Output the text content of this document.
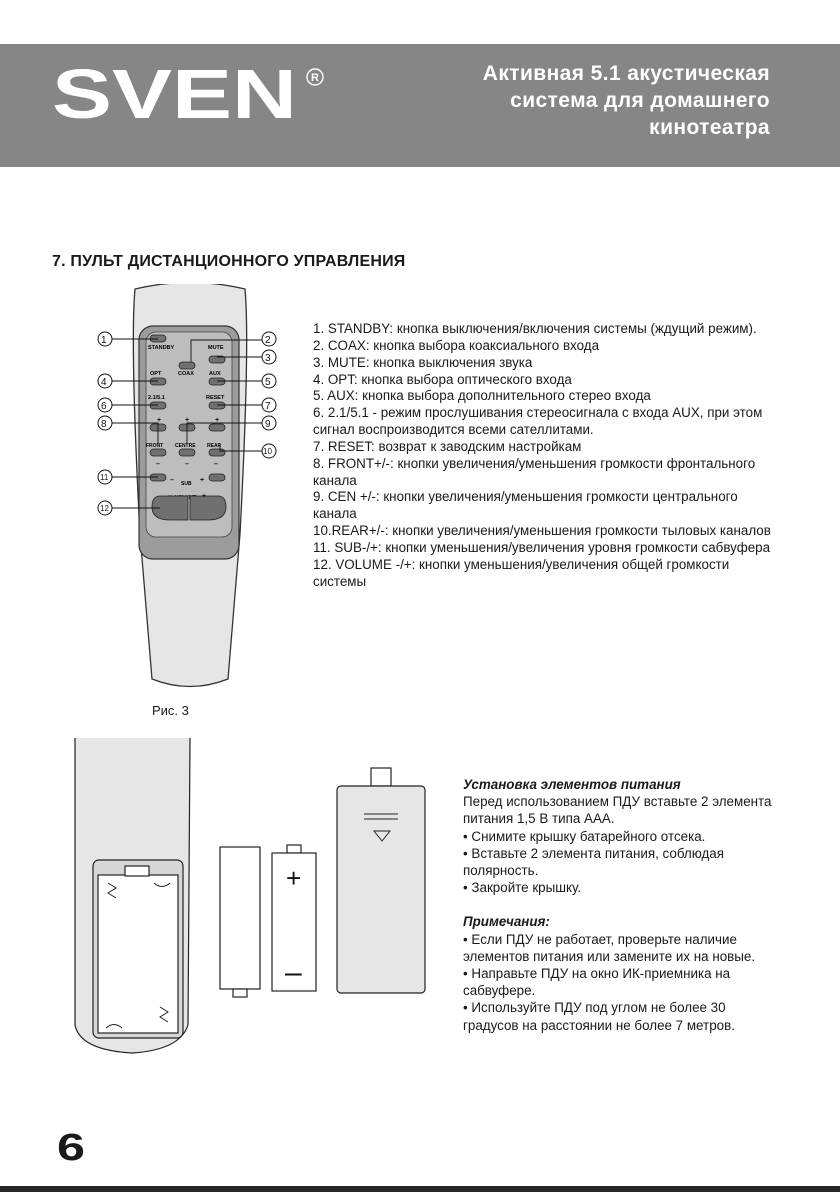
SVEN R	Активная 5.1 акустическая
система для домашнего
кинотеатра
7. ПУЛЬТ ДИСТАНЦИОННОГО УПРАВЛЕНИЯ
STANDBY	MUTE
OPT	COAX	AUX
2.1/5.1	RESET
FRONT CENTRE REAR
SUB
+	+	+
–	–	–
–	+
–	+
1	2
3
4	5
6	7
8	9
10
11
12
Рис. 3

1. STANDBY: кнопка выключения/включения системы (ждущий режим).

2. COAX: кнопка выбора коаксиального входа

3. MUTE: кнопка выключения звука

4. OPT: кнопка выбора оптического входа

5. AUX: кнопка выбора дополнительного стерео входа

6. 2.1/5.1 - режим прослушивания стереосигнала с входа AUX, при этом сигнал воспроизводится всеми сателлитами.

7. RESET: возврат к заводским настройкам

8. FRONT+/-: кнопки увеличения/уменьшения громкости фронтального канала

9. CEN +/-: кнопки увеличения/уменьшения громкости центрального канала

10.REAR+/-: кнопки увеличения/уменьшения громкости тыловых каналов

11. SUB-/+: кнопки уменьшения/увеличения уровня громкости сабвуфера

12. VOLUME -/+: кнопки уменьшения/увеличения общей громкости системы

+
–

Установка элементов питания

Перед использованием ПДУ вставьте 2 элемента питания 1,5 В типа ААА.

• Снимите крышку батарейного отсека.

• Вставьте 2 элемента питания, соблюдая полярность.

• Закройте крышку.

Примечания:

• Если ПДУ не работает, проверьте наличие элементов питания или замените их на новые.

• Направьте ПДУ на окно ИК-приемника на сабвуфере.

• Используйте ПДУ под углом не более 30 градусов на расстоянии не более 7 метров.

6
